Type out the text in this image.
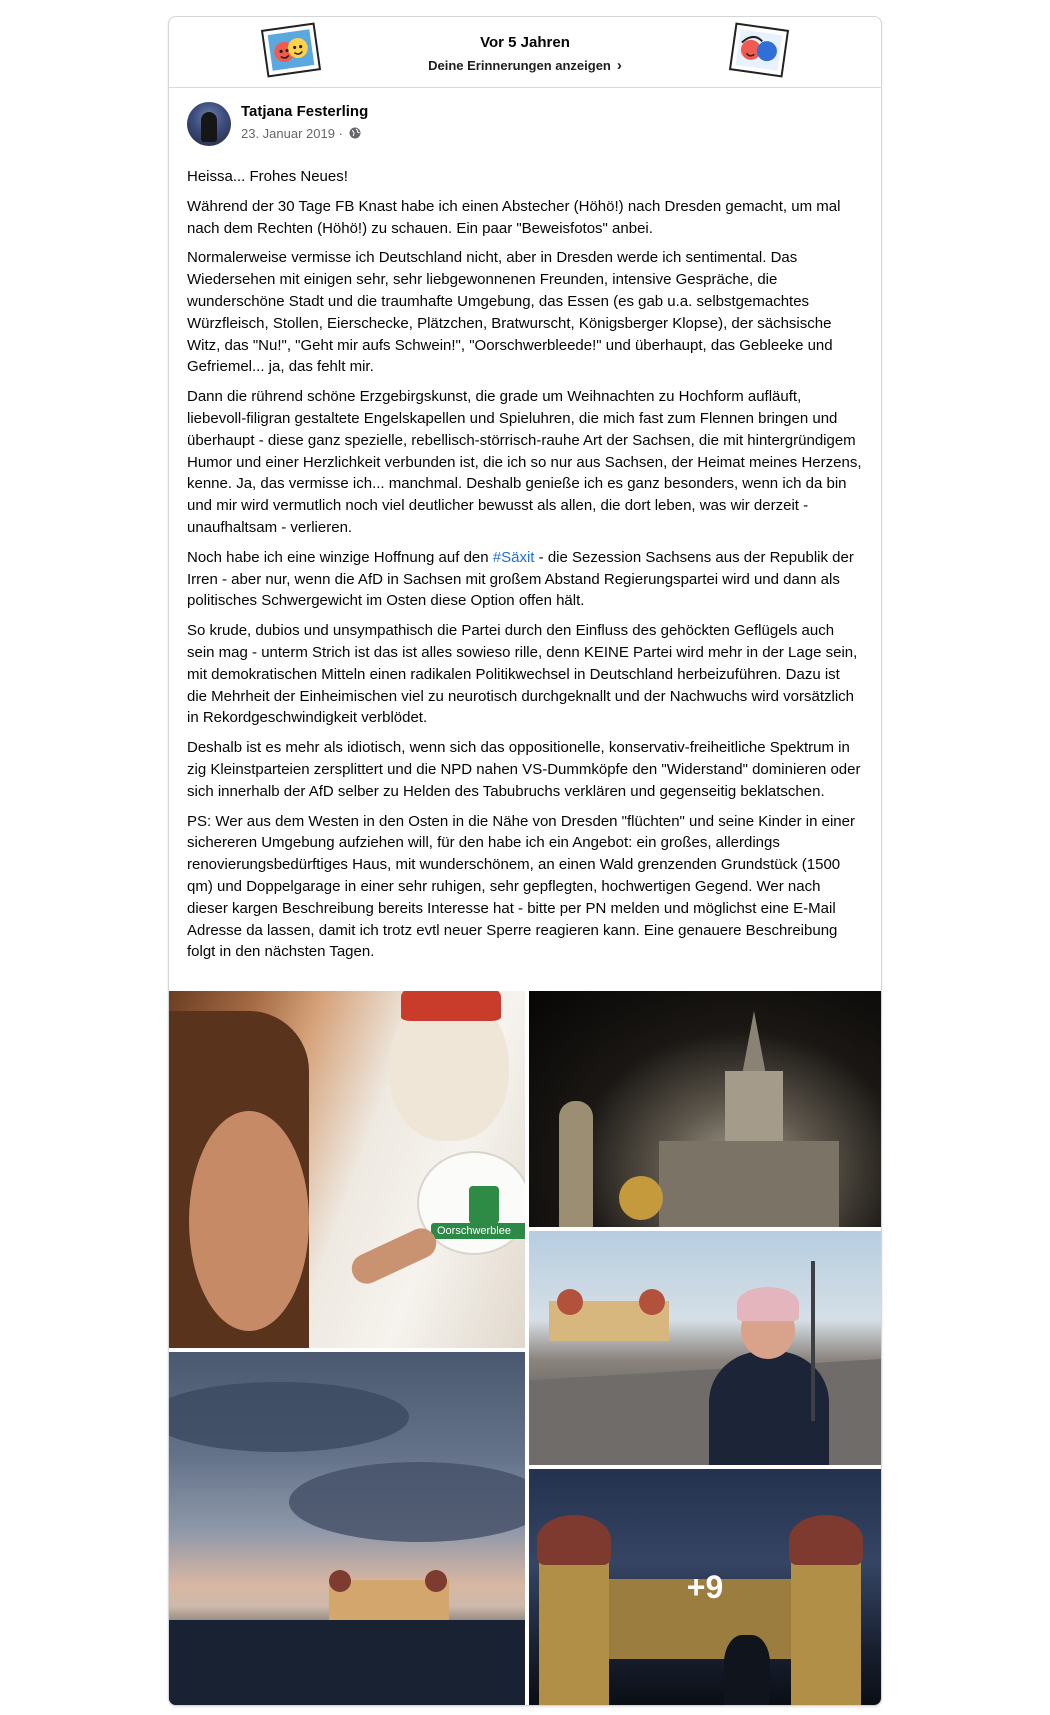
Vor 5 Jahren
Deine Erinnerungen anzeigen ›
Tatjana Festerling
23. Januar 2019 ·

Heissa... Frohes Neues!

Während der 30 Tage FB Knast habe ich einen Abstecher (Höhö!) nach Dresden gemacht, um mal nach dem Rechten (Höhö!) zu schauen. Ein paar "Beweisfotos" anbei.

Normalerweise vermisse ich Deutschland nicht, aber in Dresden werde ich sentimental. Das Wiedersehen mit einigen sehr, sehr liebgewonnenen Freunden, intensive Gespräche, die wunderschöne Stadt und die traumhafte Umgebung, das Essen (es gab u.a. selbstgemachtes Würzfleisch, Stollen, Eierschecke, Plätzchen, Bratwurscht, Königsberger Klopse), der sächsische Witz, das "Nu!", "Geht mir aufs Schwein!", "Oorschwerbleede!" und überhaupt, das Gebleeke und Gefriemel... ja, das fehlt mir.

Dann die rührend schöne Erzgebirgskunst, die grade um Weihnachten zu Hochform aufläuft, liebevoll-filigran gestaltete Engelskapellen und Spieluhren, die mich fast zum Flennen bringen und überhaupt - diese ganz spezielle, rebellisch-störrisch-rauhe Art der Sachsen, die mit hintergründigem Humor und einer Herzlichkeit verbunden ist, die ich so nur aus Sachsen, der Heimat meines Herzens, kenne. Ja, das vermisse ich... manchmal. Deshalb genieße ich es ganz besonders, wenn ich da bin und mir wird vermutlich noch viel deutlicher bewusst als allen, die dort leben, was wir derzeit - unaufhaltsam - verlieren.

Noch habe ich eine winzige Hoffnung auf den #Säxit - die Sezession Sachsens aus der Republik der Irren - aber nur, wenn die AfD in Sachsen mit großem Abstand Regierungspartei wird und dann als politisches Schwergewicht im Osten diese Option offen hält.

So krude, dubios und unsympathisch die Partei durch den Einfluss des gehöckten Geflügels auch sein mag - unterm Strich ist das ist alles sowieso rille, denn KEINE Partei wird mehr in der Lage sein, mit demokratischen Mitteln einen radikalen Politikwechsel in Deutschland herbeizuführen. Dazu ist die Mehrheit der Einheimischen viel zu neurotisch durchgeknallt und der Nachwuchs wird vorsätzlich in Rekordgeschwindigkeit verblödet.

Deshalb ist es mehr als idiotisch, wenn sich das oppositionelle, konservativ-freiheitliche Spektrum in zig Kleinstparteien zersplittert und die NPD nahen VS-Dummköpfe den "Widerstand" dominieren oder sich innerhalb der AfD selber zu Helden des Tabubruchs verklären und gegenseitig beklatschen.

PS: Wer aus dem Westen in den Osten in die Nähe von Dresden "flüchten" und seine Kinder in einer sichereren Umgebung aufziehen will, für den habe ich ein Angebot: ein großes, allerdings renovierungsbedürftiges Haus, mit wunderschönem, an einen Wald grenzenden Grundstück (1500 qm) und Doppelgarage in einer sehr ruhigen, sehr gepflegten, hochwertigen Gegend. Wer nach dieser kargen Beschreibung bereits Interesse hat - bitte per PN melden und möglichst eine E-Mail Adresse da lassen, damit ich trotz evtl neuer Sperre reagieren kann. Eine genauere Beschreibung folgt in den nächsten Tagen.

Oorschwerblee
+9
